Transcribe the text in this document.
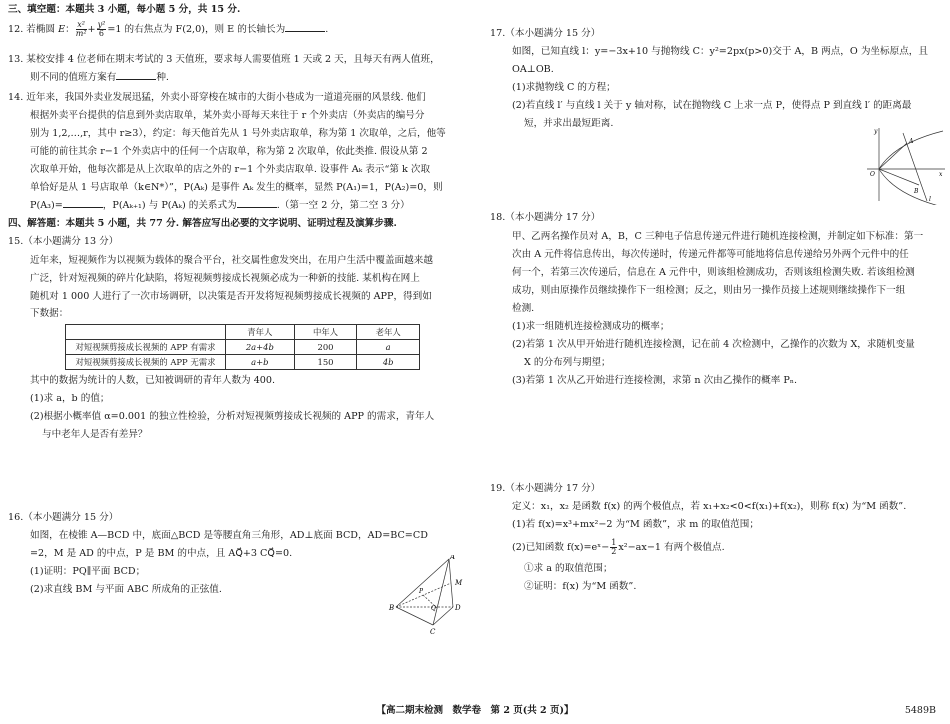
三、填空题：本题共 3 小题，每小题 5 分，共 15 分.
12. 若椭圆 E： $\frac{\text{x²}}{\text{m²}} + \frac{\text{y²}}{6} =1$ 的右焦点为 F(2,0)，则 E 的长轴长为	.
13. 某校安排 4 位老师在期末考试的 3 天值班，要求每人需要值班 1 天或 2 天，且每天有两人值班，
则不同的值班方案有	种.
14. 近年来，我国外卖业发展迅猛，外卖小哥穿梭在城市的大街小巷成为一道道亮丽的风景线. 他们
根据外卖平台提供的信息到外卖店取单，某外卖小哥每天来往于 r 个外卖店（外卖店的编号分
别为 1,2,…,r，其中 r≥3），约定：每天他首先从 1 号外卖店取单，称为第 1 次取单，之后，他等
可能的前往其余 r−1 个外卖店中的任何一个店取单，称为第 2 次取单，依此类推. 假设从第 2
次取单开始，他每次都是从上次取单的店之外的 r−1 个外卖店取单. 设事件 Aₖ 表示“第 k 次取
单恰好是从 1 号店取单（k∈N*）”，P(Aₖ) 是事件 Aₖ 发生的概率，显然 P(A₁)=1，P(A₂)=0，则
P(A₃)=	，P(Aₖ₊₁) 与 P(Aₖ) 的关系式为	.（第一空 2 分，第二空 3 分）
四、解答题：本题共 5 小题，共 77 分. 解答应写出必要的文字说明、证明过程及演算步骤.
15.（本小题满分 13 分）
近年来，短视频作为以视频为载体的聚合平台，社交属性愈发突出，在用户生活中覆盖面越来越
广泛，针对短视频的碎片化缺陷，将短视频剪接成长视频必成为一种新的技能. 某机构在网上
随机对 1 000 人进行了一次市场调研，以决策是否开发将短视频剪接成长视频的 APP，得到如
下数据：
	青年人	中年人	老年人
对短视频剪接成长视频的 APP 有需求	2a+4b	200	a
对短视频剪接成长视频的 APP 无需求	a+b	150	4b
其中的数据为统计的人数，已知被调研的青年人数为 400.
(1)求 a，b 的值；
(2)根据小概率值 α=0.001 的独立性检验，分析对短视频剪接成长视频的 APP 的需求，青年人
与中老年人是否有差异？
16.（本小题满分 15 分）
如图，在棱锥 A—BCD 中，底面△BCD 是等腰直角三角形，AD⊥底面 BCD，AD=BC=CD
=2，M 是 AD 的中点，P 是 BM 的中点，且 AQ⃗+3 CQ⃗=0.
(1)证明：PQ∥平面 BCD；
(2)求直线 BM 与平面 ABC 所成角的正弦值.
A
M
P
Q
B	D
C
17.（本小题满分 15 分）
如图，已知直线 l：y=−3x+10 与抛物线 C：y²=2px(p>0)交于 A，B 两点，O 为坐标原点，且
OA⊥OB.
(1)求抛物线 C 的方程；
(2)若直线 l′ 与直线 l 关于 y 轴对称，试在抛物线 C 上求一点 P，使得点 P 到直线 l′ 的距离最
短，并求出最短距离.
y
A
O	x
B
l
18.（本小题满分 17 分）
甲、乙两名操作员对 A，B，C 三种电子信息传递元件进行随机连接检测，并制定如下标准：第一
次由 A 元件将信息传出，每次传递时，传递元件都等可能地将信息传递给另外两个元件中的任
何一个，若第三次传递后，信息在 A 元件中，则该组检测成功，否则该组检测失败. 若该组检测
成功，则由原操作员继续操作下一组检测；反之，则由另一操作员接上述规则继续操作下一组
检测.
(1)求一组随机连接检测成功的概率；
(2)若第 1 次从甲开始进行随机连接检测，记在前 4 次检测中，乙操作的次数为 X，求随机变量
X 的分布列与期望；
(3)若第 1 次从乙开始进行连接检测，求第 n 次由乙操作的概率 Pₙ.
19.（本小题满分 17 分）
定义：x₁，x₂ 是函数 f(x) 的两个极值点，若 x₁+x₂<0<f(x₁)+f(x₂)，则称 f(x) 为“M 函数”.
(1)若 f(x)=x³+mx²−2 为“M 函数”，求 m 的取值范围；
(2)已知函数 f(x)=eˣ− $\frac{1}{2} x^2-ax-1$ 有两个极值点.
①求 a 的取值范围；
②证明：f(x) 为“M 函数”.
【高二期末检测　数学卷　第 2 页(共 2 页)】	5489B
